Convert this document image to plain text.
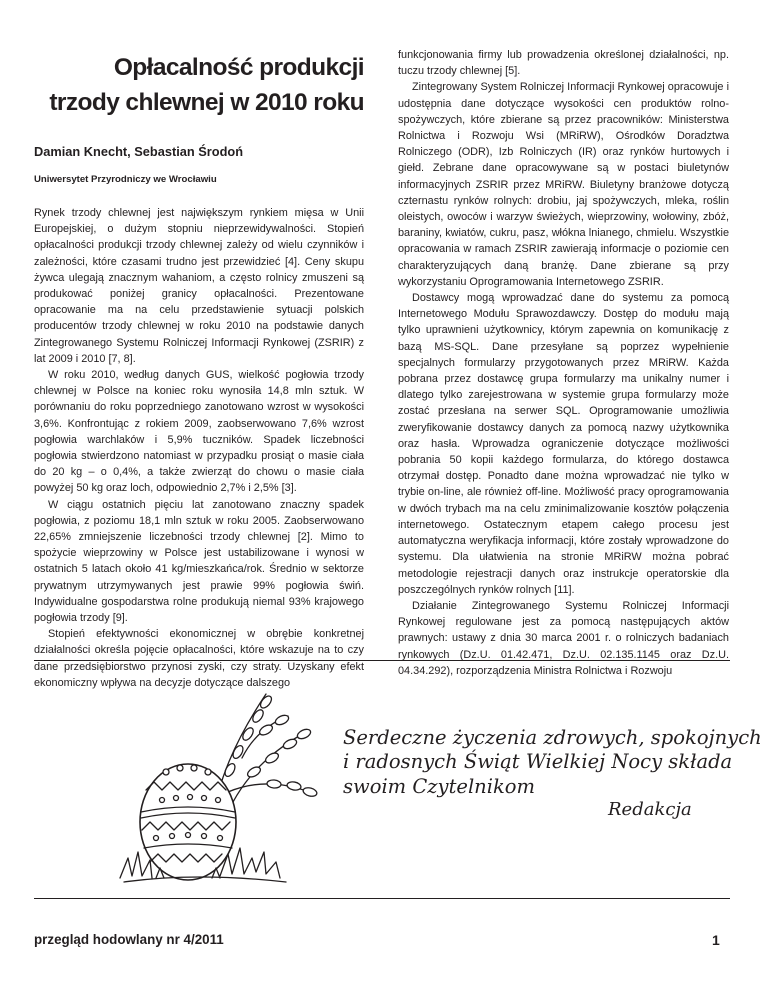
Opłacalność produkcji
trzody chlewnej w 2010 roku

Damian Knecht, Sebastian Środoń

Uniwersytet Przyrodniczy we Wrocławiu

Rynek trzody chlewnej jest największym rynkiem mięsa w Unii Europejskiej, o dużym stopniu nieprzewidywalności. Stopień opłacalności produkcji trzody chlewnej zależy od wielu czynników i zależności, które czasami trudno jest przewidzieć [4]. Ceny skupu żywca ulegają znacznym wahaniom, a często rolnicy zmuszeni są produkować poniżej granicy opłacalności. Prezentowane opracowanie ma na celu przedstawienie sytuacji polskich producentów trzody chlewnej w roku 2010 na podstawie danych Zintegrowanego Systemu Rolniczej Informacji Rynkowej (ZSRIR) z lat 2009 i 2010 [7, 8].

W roku 2010, według danych GUS, wielkość pogłowia trzody chlewnej w Polsce na koniec roku wynosiła 14,8 mln sztuk. W porównaniu do roku poprzedniego zanotowano wzrost w wysokości 3,6%. Konfrontując z rokiem 2009, zaobserwowano 7,6% wzrost pogłowia warchlaków i 5,9% tuczników. Spadek liczebności pogłowia stwierdzono natomiast w przypadku prosiąt o masie ciała do 20 kg – o 0,4%, a także zwierząt do chowu o masie ciała powyżej 50 kg oraz loch, odpowiednio 2,7% i 2,5% [3].

W ciągu ostatnich pięciu lat zanotowano znaczny spadek pogłowia, z poziomu 18,1 mln sztuk w roku 2005. Zaobserwowano 22,65% zmniejszenie liczebności trzody chlewnej [2]. Mimo to spożycie wieprzowiny w Polsce jest ustabilizowane i wynosi w ostatnich 5 latach około 41 kg/mieszkańca/rok. Średnio w sektorze prywatnym utrzymywanych jest prawie 99% pogłowia świń. Indywidualne gospodarstwa rolne produkują niemal 93% krajowego pogłowia trzody [9].

Stopień efektywności ekonomicznej w obrębie konkretnej działalności określa pojęcie opłacalności, które wskazuje na to czy dane przedsiębiorstwo przynosi zyski, czy straty. Uzyskany efekt ekonomiczny wpływa na decyzje dotyczące dalszego

funkcjonowania firmy lub prowadzenia określonej działalności, np. tuczu trzody chlewnej [5].

Zintegrowany System Rolniczej Informacji Rynkowej opracowuje i udostępnia dane dotyczące wysokości cen produktów rolno-spożywczych, które zbierane są przez pracowników: Ministerstwa Rolnictwa i Rozwoju Wsi (MRiRW), Ośrodków Doradztwa Rolniczego (ODR), Izb Rolniczych (IR) oraz rynków hurtowych i giełd. Zebrane dane opracowywane są w postaci biuletynów informacyjnych ZSRIR przez MRiRW. Biuletyny branżowe dotyczą czternastu rynków rolnych: drobiu, jaj spożywczych, mleka, roślin oleistych, owoców i warzyw świeżych, wieprzowiny, wołowiny, zbóż, baraniny, kwiatów, cukru, pasz, włókna lnianego, chmielu. Wszystkie opracowania w ramach ZSRIR zawierają informacje o poziomie cen charakteryzujących daną branżę. Dane zbierane są przy wykorzystaniu Oprogramowania Internetowego ZSRIR.

Dostawcy mogą wprowadzać dane do systemu za pomocą Internetowego Modułu Sprawozdawczy. Dostęp do modułu mają tylko uprawnieni użytkownicy, którym zapewnia on komunikację z bazą MS-SQL. Dane przesyłane są poprzez wypełnienie specjalnych formularzy przygotowanych przez MRiRW. Każda pobrana przez dostawcę grupa formularzy ma unikalny numer i dlatego tylko zarejestrowana w systemie grupa formularzy może zostać przesłana na serwer SQL. Oprogramowanie umożliwia zweryfikowanie dostawcy danych za pomocą nazwy użytkownika oraz hasła. Wprowadza ograniczenie dotyczące możliwości pobrania 50 kopii każdego formularza, do którego dostawca otrzymał dostęp. Ponadto dane można wprowadzać nie tylko w trybie on-line, ale również off-line. Możliwość pracy oprogramowania w dwóch trybach ma na celu zminimalizowanie kosztów połączenia internetowego. Ostatecznym etapem całego procesu jest automatyczna weryfikacja informacji, które zostały wprowadzone do systemu. Dla ułatwienia na stronie MRiRW można pobrać metodologie rejestracji danych oraz instrukcje operatorskie dla poszczególnych rynków rolnych [11].

Działanie Zintegrowanego Systemu Rolniczej Informacji Rynkowej regulowane jest za pomocą następujących aktów prawnych: ustawy z dnia 30 marca 2001 r. o rolniczych badaniach rynkowych (Dz.U. 01.42.471, Dz.U. 02.135.1145 oraz Dz.U. 04.34.292), rozporządzenia Ministra Rolnictwa i Rozwoju

Serdeczne życzenia zdrowych, spokojnych
i radosnych Świąt Wielkiej Nocy składa
swoim Czytelnikom
Redakcja

przegląd hodowlany nr 4/2011	1
